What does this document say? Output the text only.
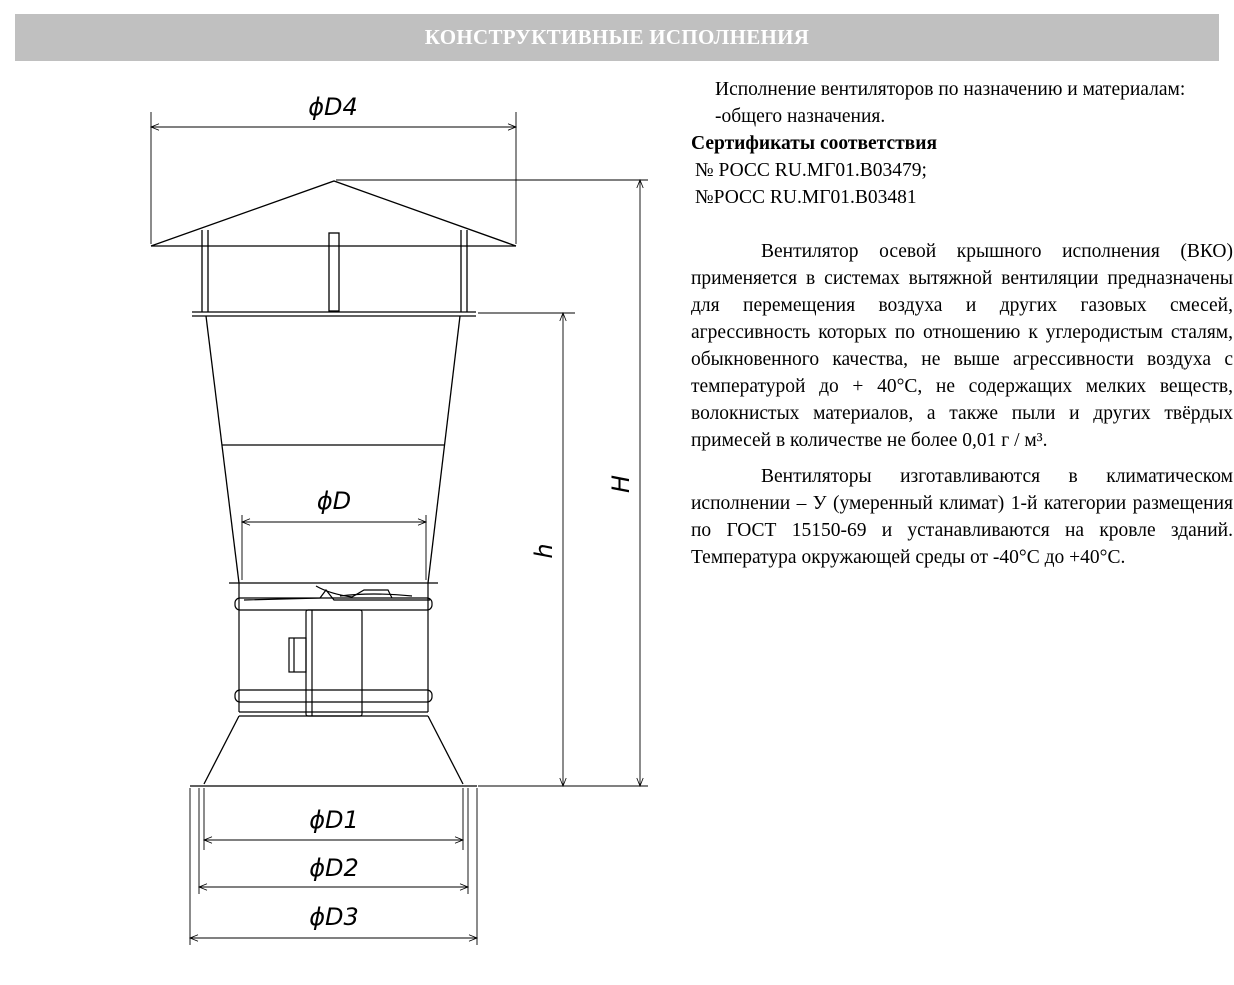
КОНСТРУКТИВНЫЕ ИСПОЛНЕНИЯ
ϕD4
ϕD
ϕD1
ϕD2
ϕD3
H
h

Исполнение вентиляторов по назначению и материалам:

-общего назначения.

Сертификаты соответствия

№ РОСС RU.МГ01.В03479;

№РОСС RU.МГ01.В03481

Вентилятор осевой крышного исполнения (ВКО) применяется в системах вытяжной вентиляции предназначены для перемещения воздуха и других газовых смесей, агрессивность которых по отношению к углеродистым сталям, обыкновенного качества, не выше агрессивности воздуха с температурой до + 40°С, не содержащих мелких веществ, волокнистых материалов, а также пыли и других твёрдых примесей в количестве не более 0,01 г / м³.

Вентиляторы изготавливаются в климатическом исполнении – У (умеренный климат) 1-й категории размещения по ГОСТ 15150-69 и устанавливаются на кровле зданий. Температура окружающей среды от -40°С до +40°С.
